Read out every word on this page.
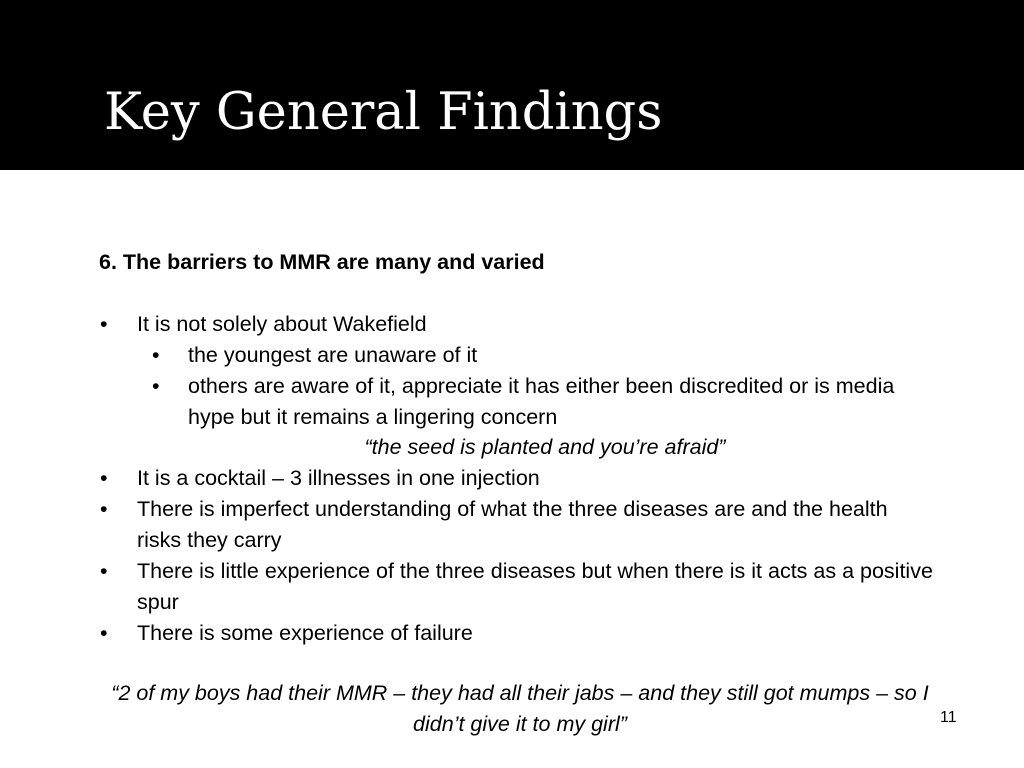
Key General Findings
6. The barriers to MMR are many and varied
• It is not solely about Wakefield
• the youngest are unaware of it
• others are aware of it, appreciate it has either been discredited or is media hype but it remains a lingering concern
“the seed is planted and you’re afraid”
• It is a cocktail – 3 illnesses in one injection
• There is imperfect understanding of what the three diseases are and the health risks they carry
• There is little experience of the three diseases but when there is it acts as a positive spur
• There is some experience of failure
“2 of my boys had their MMR – they had all their jabs – and they still got mumps – so I didn’t give it to my girl”	11
